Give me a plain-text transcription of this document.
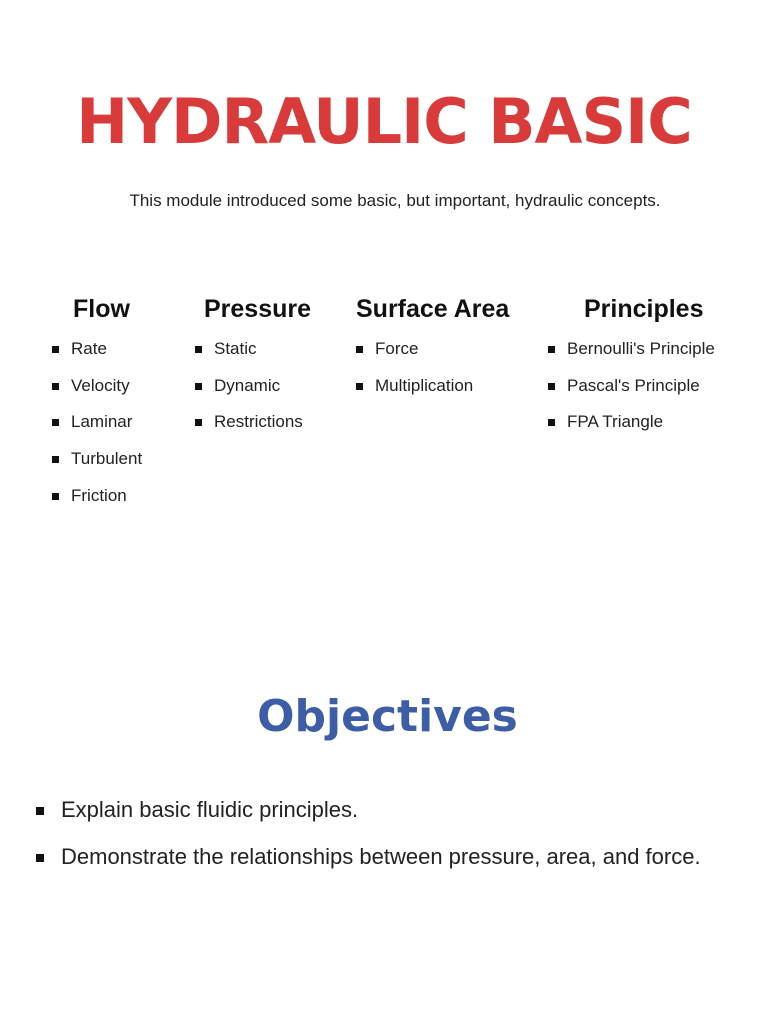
HYDRAULIC BASIC

This module introduced some basic, but important, hydraulic concepts.

Flow
Rate
Velocity
Laminar
Turbulent
Friction
Pressure
Static
Dynamic
Restrictions
Surface Area
Force
Multiplication
Principles
Bernoulli's Principle
Pascal's Principle
FPA Triangle
Objectives
Explain basic fluidic principles.
Demonstrate the relationships between pressure, area, and force.
